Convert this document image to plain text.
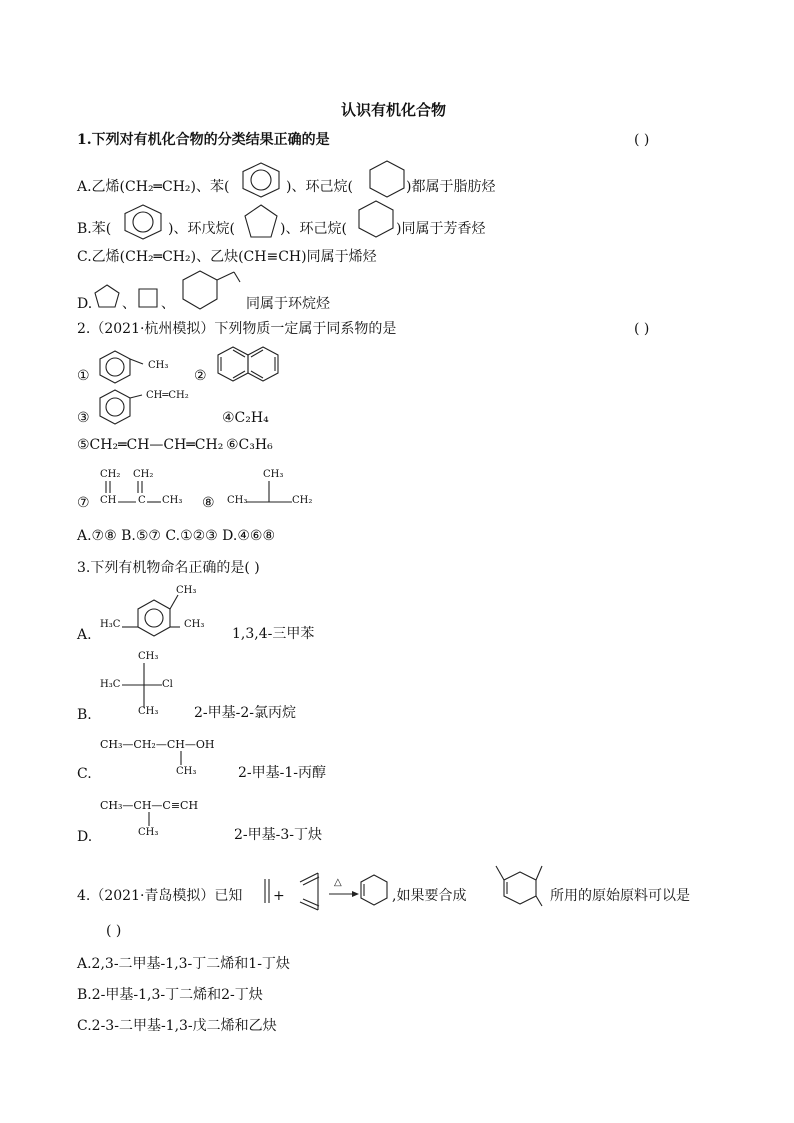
认识有机化合物
1.下列对有机化合物的分类结果正确的是	( )
A.乙烯(CH₂═CH₂)、苯(	)、环己烷(	)都属于脂肪烃
B.苯(	)、环戊烷(	)、环己烷(	)同属于芳香烃
C.乙烯(CH₂═CH₂)、乙炔(CH≡CH)同属于烯烃
D. 、 、	同属于环烷烃
2.（2021·杭州模拟）下列物质一定属于同系物的是	( )
①
CH₃
②
③
CH═CH₂
④C₂H₄
⑤CH₂═CH—CH═CH₂ ⑥C₃H₆
⑦
CH₂ CH₂
CH C CH₃ ⑧
CH₃
CH₃	CH₂
A.⑦⑧ B.⑤⑦ C.①②③ D.④⑥⑧
3.下列有机物命名正确的是( )
A.
H₃C
CH₃
CH₃
1,3,4-三甲苯
CH₃
H₃C	Cl
CH₃
B.	2-甲基-2-氯丙烷
CH₃—CH₂—CH—OH
CH₃
C.	2-甲基-1-丙醇
CH₃—CH—C≡CH
CH₃
D.	2-甲基-3-丁炔
4.（2021·青岛模拟）已知 +
△
,如果要合成	所用的原始原料可以是
( )
A.2,3-二甲基-1,3-丁二烯和1-丁炔
B.2-甲基-1,3-丁二烯和2-丁炔
C.2-3-二甲基-1,3-戊二烯和乙炔
